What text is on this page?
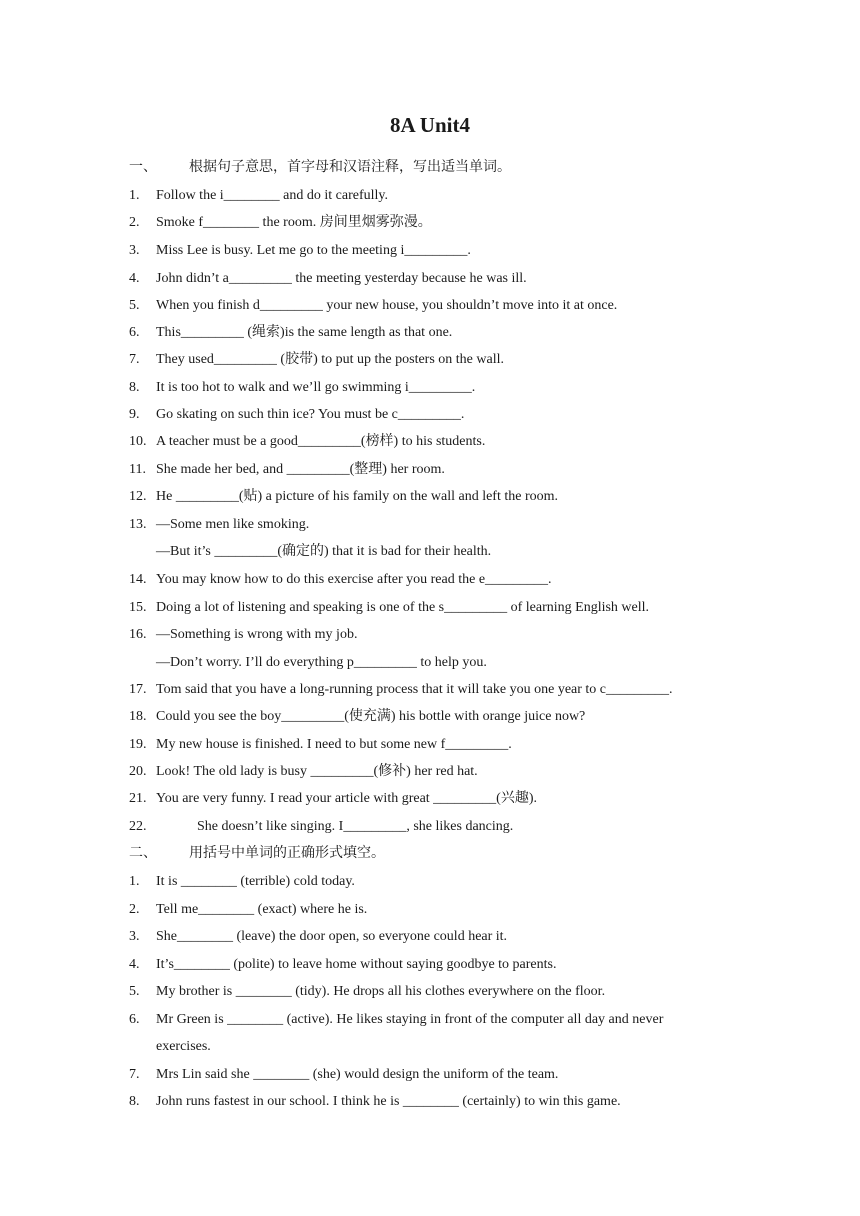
8A Unit4
一、 根据句子意思，首字母和汉语注释，写出适当单词。
1. Follow the i________ and do it carefully.
2. Smoke f________ the room. 房间里烟雾弥漫。
3. Miss Lee is busy. Let me go to the meeting i_________.
4. John didn’t a_________ the meeting yesterday because he was ill.
5. When you finish d_________ your new house, you shouldn’t move into it at once.
6. This_________ (绳索)is the same length as that one.
7. They used_________ (胶带) to put up the posters on the wall.
8. It is too hot to walk and we’ll go swimming i_________.
9. Go skating on such thin ice? You must be c_________.
10. A teacher must be a good_________(榜样) to his students.
11. She made her bed, and _________(整理) her room.
12. He _________(贴) a picture of his family on the wall and left the room.
13. —Some men like smoking.
—But it’s _________(确定的) that it is bad for their health.
14. You may know how to do this exercise after you read the e_________.
15. Doing a lot of listening and speaking is one of the s_________ of learning English well.
16. —Something is wrong with my job.
—Don’t worry. I’ll do everything p_________ to help you.
17. Tom said that you have a long-running process that it will take you one year to c_________.
18. Could you see the boy_________(使充满) his bottle with orange juice now?
19. My new house is finished. I need to but some new f_________.
20. Look! The old lady is busy _________(修补) her red hat.
21. You are very funny. I read your article with great _________(兴趣).
22.	She doesn’t like singing. I_________, she likes dancing.
二、 用括号中单词的正确形式填空。
1. It is ________ (terrible) cold today.
2. Tell me________ (exact) where he is.
3. She________ (leave) the door open, so everyone could hear it.
4. It’s________ (polite) to leave home without saying goodbye to parents.
5. My brother is ________ (tidy). He drops all his clothes everywhere on the floor.
6. Mr Green is ________ (active). He likes staying in front of the computer all day and never
exercises.
7. Mrs Lin said she ________ (she) would design the uniform of the team.
8. John runs fastest in our school. I think he is ________ (certainly) to win this game.
